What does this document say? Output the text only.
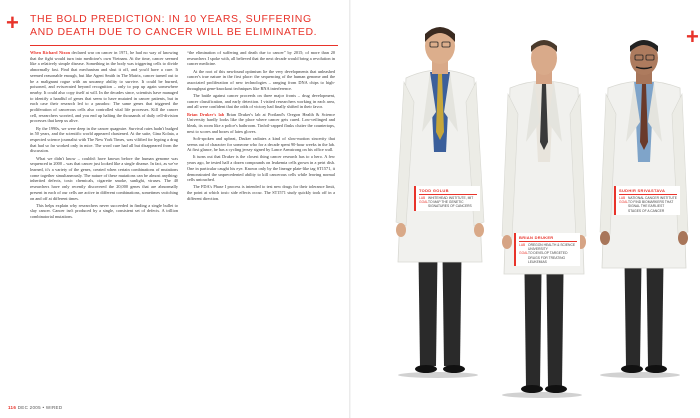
+ THE BOLD PREDICTION: IN 10 YEARS, SUFFERING AND DEATH DUE TO CANCER WILL BE ELIMINATED.

When Richard Nixon declared war on cancer in 1971, he had no way of knowing that the fight would turn into medicine's own Vietnam. At the time, cancer seemed like a relatively simple disease. Something in the body was triggering cells to divide abnormally fast. Find that mechanism and shut it off, and you'd have a cure. It seemed reasonable enough, but like Agent Smith in The Matrix, cancer turned out to be a malignant rogue with an uncanny ability to survive. It could be burned, poisoned, and eviscerated beyond recognition – only to pop up again somewhere nearby. It could also copy itself at will. In the decades since, scientists have managed to identify a handful of genes that seem to have mutated in cancer patients, but in each case their research led to a paradox: The same genes that triggered the proliferation of cancerous cells also controlled vital life processes. Kill the cancer cell, researchers worried, and you end up halting the thousands of daily cell-division processes that keep us alive.

By the 1990s, we were deep in the cancer quagmire. Survival rates hadn't budged in 50 years, and the scientific world appeared chastened. At the suite, Gina Kolata, a respected science journalist with The New York Times, was vilified for hyping a drug that had so far worked only in mice. The word cure had all but disappeared from the discussion.

What we didn't know – couldn't have known before the human genome was sequenced in 2000 – was that cancer just looked like a single disease. In fact, as we've learned, it's a variety of the genes, created when certain combinations of mutations come together simultaneously. The nature of these mutations can be almost anything: inherited defects, toxic chemicals, cigarette smoke, sunlight, viruses. The 40 researchers have only recently discovered the 20,000 genes that are abnormally present in each of our cells are active in different combinations, sometimes switching on and off at different times.

This helps explain why researchers never succeeded in finding a single bullet to slay cancer. Cancer isn't produced by a single, consistent set of defects. A trillion combinatorial mutations.

“the elimination of suffering and death due to cancer” by 2015; of more than 20 researchers I spoke with, all believed that the next decade would bring a revolution in cancer medicine.

At the root of this newfound optimism lie the very developments that unleashed cancer's true nature in the first place: the sequencing of the human genome and the associated proliferation of new technologies – ranging from DNA chips to high-throughput gene-knockout techniques like RNA interference.

The battle against cancer proceeds on three major fronts – drug development, cancer classification, and early detection. I visited researchers working in each area, and all were confident that the odds of victory had finally shifted in their favor.

Brian Druker's lab Brian Druker's lab at Portland's Oregon Health & Science University hardly looks like the place where cancer gets cured. Low-ceilinged and bleak, its room like a police's bathroom. Tinfoil-capped flasks clutter the countertops, next to scores and boxes of latex gloves.

Soft-spoken and upbeat, Druker radiates a kind of slow-motion sincerity that seems out of character for someone who for a decade spent 90-hour weeks in the lab. At first glance, he has a cycling jersey signed by Lance Armstrong on his office wall.

It turns out that Druker is the closest thing cancer research has to a hero. A few years ago, he tested half a dozen compounds on leukemia cells grown in a petri dish. One in particular caught his eye. Known only by the lineage plate-like tag ST1571, it demonstrated the unprecedented ability to kill cancerous cells while leaving normal cells untouched.

The FDA's Phase I process is intended to test new drugs for their tolerance limit, the point at which toxic side effects occur. The ST1571 study quickly took off in a different direction.

116 DEC 2005 • WIRED
+
TODD GOLUB
LAB WHITEHEAD INSTITUTE, MIT
GOAL TO MAP THE GENETIC SIGNATURES OF CANCERS
BRIAN DRUKER
LAB OREGON HEALTH & SCIENCE UNIVERSITY
GOAL TO DEVELOP TARGETED DRUGS FOR TREATING LEUKEMIAS
SUDHIR SRIVASTAVA
LAB NATIONAL CANCER INSTITUTE
GOAL TO FIND BIOMARKERS THAT SIGNAL THE EARLIEST STAGES OF A CANCER
